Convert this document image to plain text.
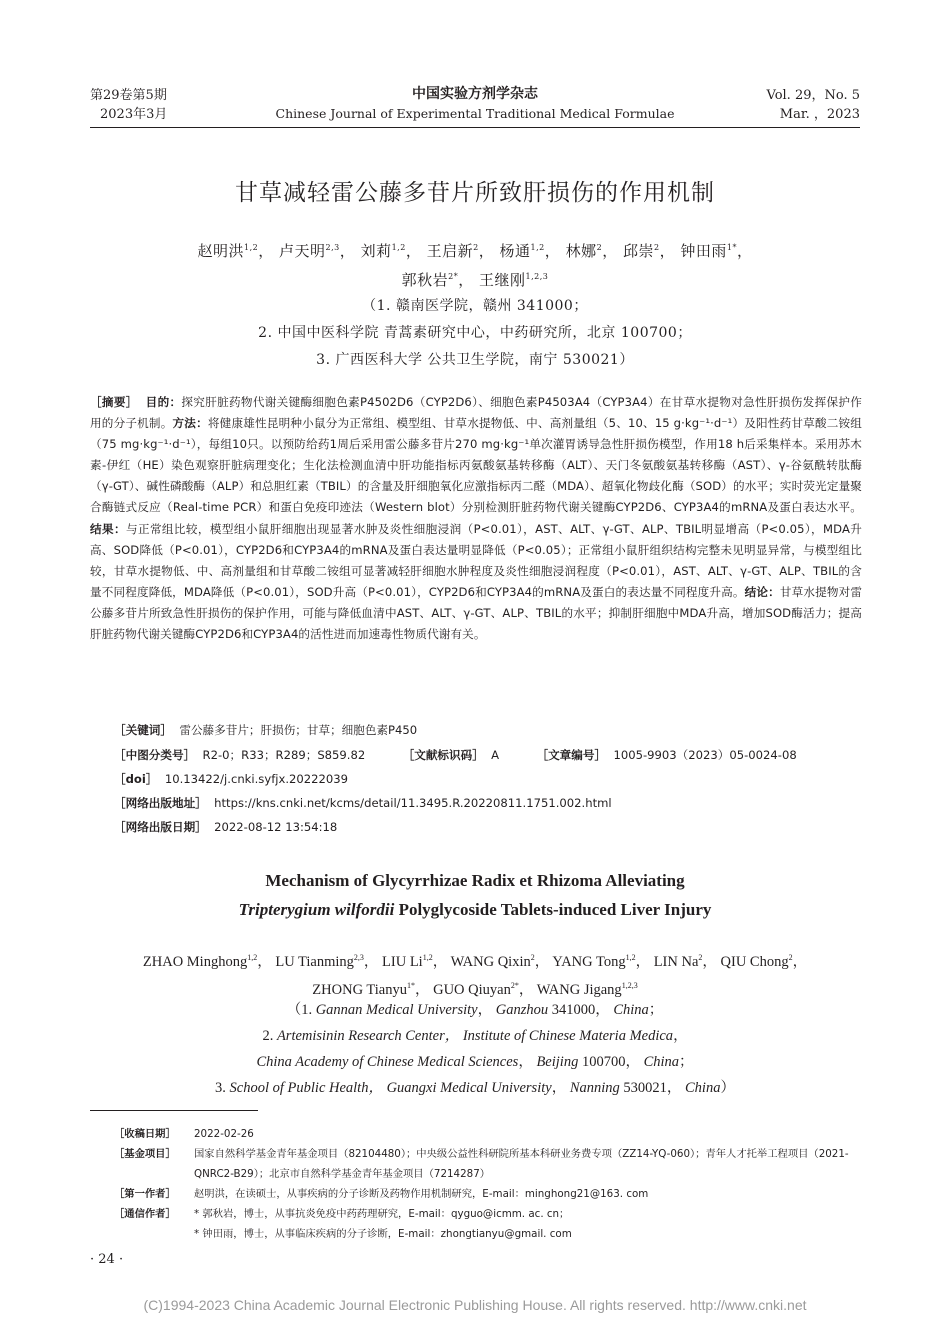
第29卷第5期
2023年3月
中国实验方剂学杂志
Chinese Journal of Experimental Traditional Medical Formulae
Vol. 29，No. 5
Mar. ，2023
甘草减轻雷公藤多苷片所致肝损伤的作用机制
赵明洪$^{1,2}$， 卢天明$^{2,3}$， 刘莉$^{1,2}$， 王启新$^2$， 杨通$^{1,2}$， 林娜$^2$， 邱崇$^2$， 钟田雨$^{1*}$，
郭秋岩$^{2*}$， 王继刚$^{1,2,3}$
（1. 赣南医学院，赣州 341000；
2. 中国中医科学院 青蒿素研究中心，中药研究所，北京 100700；
3. 广西医科大学 公共卫生学院，南宁 530021）
［摘要］ 目的：探究肝脏药物代谢关键酶细胞色素P4502D6（CYP2D6）、细胞色素P4503A4（CYP3A4）在甘草水提物对急性肝损伤发挥保护作用的分子机制。方法：将健康雄性昆明种小鼠分为正常组、模型组、甘草水提物低、中、高剂量组（5、10、15 g·kg⁻¹·d⁻¹）及阳性药甘草酸二铵组（75 mg·kg⁻¹·d⁻¹），每组10只。以预防给药1周后采用雷公藤多苷片270 mg·kg⁻¹单次灌胃诱导急性肝损伤模型，作用18 h后采集样本。采用苏木素-伊红（HE）染色观察肝脏病理变化；生化法检测血清中肝功能指标丙氨酸氨基转移酶（ALT）、天门冬氨酸氨基转移酶（AST）、γ-谷氨酰转肽酶（γ-GT）、碱性磷酸酶（ALP）和总胆红素（TBIL）的含量及肝细胞氧化应激指标丙二醛（MDA）、超氧化物歧化酶（SOD）的水平；实时荧光定量聚合酶链式反应（Real-time PCR）和蛋白免疫印迹法（Western blot）分别检测肝脏药物代谢关键酶CYP2D6、CYP3A4的mRNA及蛋白表达水平。结果：与正常组比较，模型组小鼠肝细胞出现显著水肿及炎性细胞浸润（P<0.01），AST、ALT、γ-GT、ALP、TBIL明显增高（P<0.05），MDA升高、SOD降低（P<0.01），CYP2D6和CYP3A4的mRNA及蛋白表达量明显降低（P<0.05）；正常组小鼠肝组织结构完整未见明显异常，与模型组比较，甘草水提物低、中、高剂量组和甘草酸二铵组可显著减轻肝细胞水肿程度及炎性细胞浸润程度（P<0.01），AST、ALT、γ-GT、ALP、TBIL的含量不同程度降低，MDA降低（P<0.01），SOD升高（P<0.01），CYP2D6和CYP3A4的mRNA及蛋白的表达量不同程度升高。结论：甘草水提物对雷公藤多苷片所致急性肝损伤的保护作用，可能与降低血清中AST、ALT、γ-GT、ALP、TBIL的水平；抑制肝细胞中MDA升高，增加SOD酶活力；提高肝脏药物代谢关键酶CYP2D6和CYP3A4的活性进而加速毒性物质代谢有关。
［关键词］ 雷公藤多苷片；肝损伤；甘草；细胞色素P450
［中图分类号］ R2-0；R33；R289；S859.82	［文献标识码］ A	［文章编号］ 1005-9903（2023）05-0024-08
［doi］ 10.13422/j.cnki.syfjx.20222039
［网络出版地址］ https://kns.cnki.net/kcms/detail/11.3495.R.20220811.1751.002.html
［网络出版日期］ 2022-08-12 13:54:18
Mechanism of Glycyrrhizae Radix et Rhizoma Alleviating
Tripterygium wilfordii Polyglycoside Tablets-induced Liver Injury
ZHAO Minghong$^{1,2}$， LU Tianming$^{2,3}$， LIU Li$^{1,2}$， WANG Qixin$^2$， YANG Tong$^{1,2}$， LIN Na$^2$， QIU Chong$^2$，
ZHONG Tianyu$^{1*}$， GUO Qiuyan$^{2*}$， WANG Jigang$^{1,2,3}$
（1. Gannan Medical University， Ganzhou 341000， China；
2. Artemisinin Research Center， Institute of Chinese Materia Medica，
China Academy of Chinese Medical Sciences， Beijing 100700， China；
3. School of Public Health， Guangxi Medical University， Nanning 530021， China）
［收稿日期］	2022-02-26
［基金项目］	国家自然科学基金青年基金项目（82104480）；中央级公益性科研院所基本科研业务费专项（ZZ14-YQ-060）；青年人才托举工程项目（2021-QNRC2-B29）；北京市自然科学基金青年基金项目（7214287）
［第一作者］	赵明洪，在读硕士，从事疾病的分子诊断及药物作用机制研究，E-mail：minghong21@163. com
［通信作者］	* 郭秋岩，博士，从事抗炎免疫中药药理研究，E-mail：qyguo@icmm. ac. cn；
* 钟田雨，博士，从事临床疾病的分子诊断，E-mail：zhongtianyu@gmail. com
· 24 ·
(C)1994-2023 China Academic Journal Electronic Publishing House. All rights reserved. http://www.cnki.net
